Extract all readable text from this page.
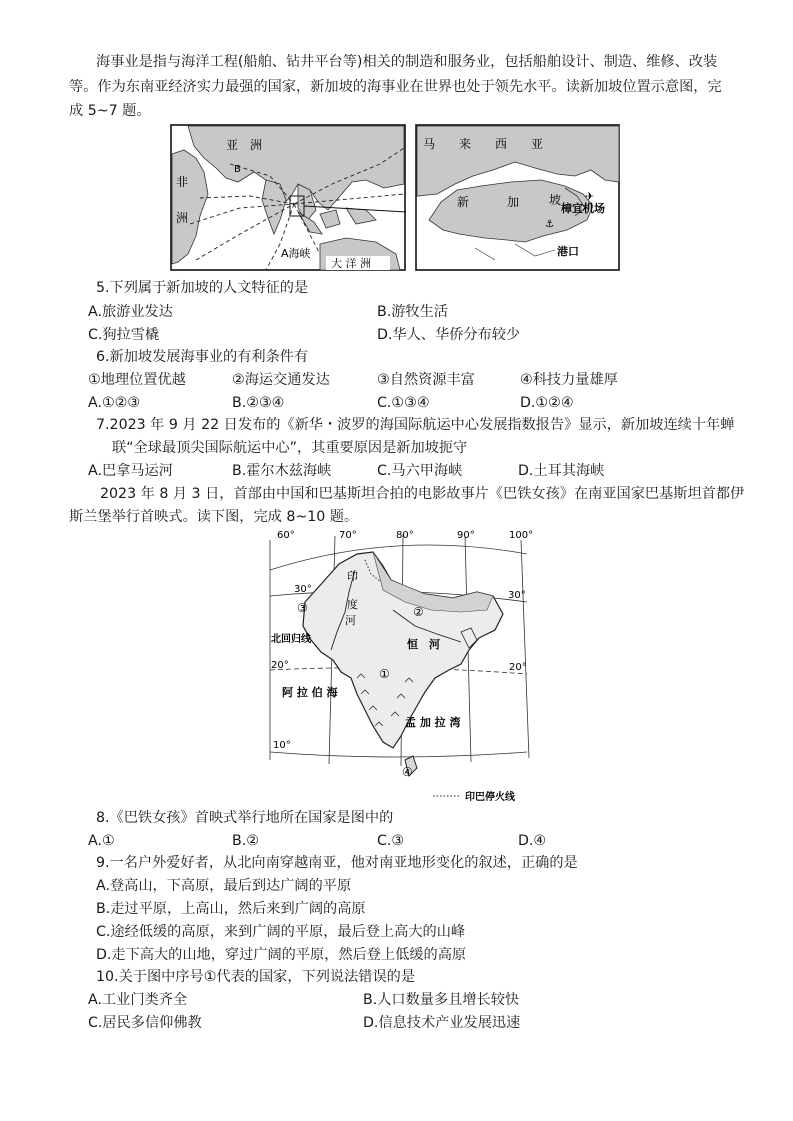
海事业是指与海洋工程(船舶、钻井平台等)相关的制造和服务业，包括船舶设计、制造、维修、改装
等。作为东南亚经济实力最强的国家，新加坡的海事业在世界也处于领先水平。读新加坡位置示意图，完
成 5~7 题。
亚　洲
非
洲
B
A海峡
大 洋 洲
马　　来　　西　　亚
新	加 坡 ✈
樟宜机场
⚓
港口
5.下列属于新加坡的人文特征的是
A.旅游业发达	B.游牧生活
C.狗拉雪橇	D.华人、华侨分布较少
6.新加坡发展海事业的有利条件有
①地理位置优越	②海运交通发达	③自然资源丰富	④科技力量雄厚
A.①②③	B.②③④	C.①③④	D.①②④
7.2023 年 9 月 22 日发布的《新华・波罗的海国际航运中心发展指数报告》显示，新加坡连续十年蝉
联“全球最顶尖国际航运中心”，其重要原因是新加坡扼守
A.巴拿马运河	B.霍尔木兹海峡	C.马六甲海峡	D.土耳其海峡
2023 年 8 月 3 日，首部由中国和巴基斯坦合拍的电影故事片《巴铁女孩》在南亚国家巴基斯坦首都伊
斯兰堡举行首映式。读下图，完成 8~10 题。
60°	70°	80°	90°	100°
30°
30°
北回归线
20°	20°
10°
印
度
河
恒 河
阿 拉 伯 海
孟 加 拉 湾
①
②
③
④
印巴停火线
8.《巴铁女孩》首映式举行地所在国家是图中的
A.①	B.②	C.③	D.④
9.一名户外爱好者，从北向南穿越南亚，他对南亚地形变化的叙述，正确的是
A.登高山，下高原，最后到达广阔的平原
B.走过平原，上高山，然后来到广阔的高原
C.途经低缓的高原，来到广阔的平原，最后登上高大的山峰
D.走下高大的山地，穿过广阔的平原，然后登上低缓的高原
10.关于图中序号①代表的国家，下列说法错误的是
A.工业门类齐全	B.人口数量多且增长较快
C.居民多信仰佛教	D.信息技术产业发展迅速
